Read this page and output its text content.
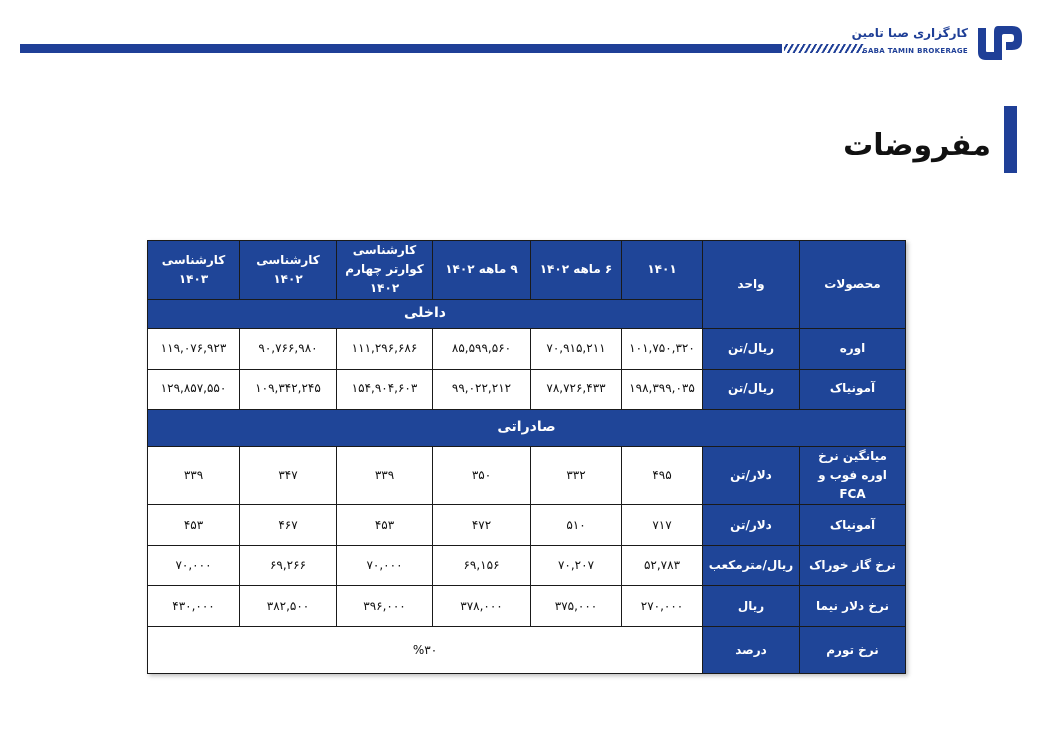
کارگزاری صبا تامین
SABA TAMIN BROKERAGE
مفروضات
محصولات	واحد	۱۴۰۱	۶ ماهه ۱۴۰۲	۹ ماهه ۱۴۰۲	کارشناسی کوارتر چهارم ۱۴۰۲	کارشناسی ۱۴۰۲	کارشناسی ۱۴۰۳
		داخلی					
اوره	ریال/تن	۱۰۱,۷۵۰,۳۲۰	۷۰,۹۱۵,۲۱۱	۸۵,۵۹۹,۵۶۰	۱۱۱,۲۹۶,۶۸۶	۹۰,۷۶۶,۹۸۰	۱۱۹,۰۷۶,۹۲۳
آمونیاک	ریال/تن	۱۹۸,۳۹۹,۰۳۵	۷۸,۷۲۶,۴۳۳	۹۹,۰۲۲,۲۱۲	۱۵۴,۹۰۴,۶۰۳	۱۰۹,۳۴۲,۲۴۵	۱۲۹,۸۵۷,۵۵۰
صادراتی							
میانگین نرخ اوره فوب و FCA	دلار/تن	۴۹۵	۳۳۲	۳۵۰	۳۳۹	۳۴۷	۳۳۹
آمونیاک	دلار/تن	۷۱۷	۵۱۰	۴۷۲	۴۵۳	۴۶۷	۴۵۳
نرخ گاز خوراک	ریال/مترمکعب	۵۲,۷۸۳	۷۰,۲۰۷	۶۹,۱۵۶	۷۰,۰۰۰	۶۹,۲۶۶	۷۰,۰۰۰
نرخ دلار نیما	ریال	۲۷۰,۰۰۰	۳۷۵,۰۰۰	۳۷۸,۰۰۰	۳۹۶,۰۰۰	۳۸۲,۵۰۰	۴۳۰,۰۰۰
نرخ تورم	درصد	%۳۰					
